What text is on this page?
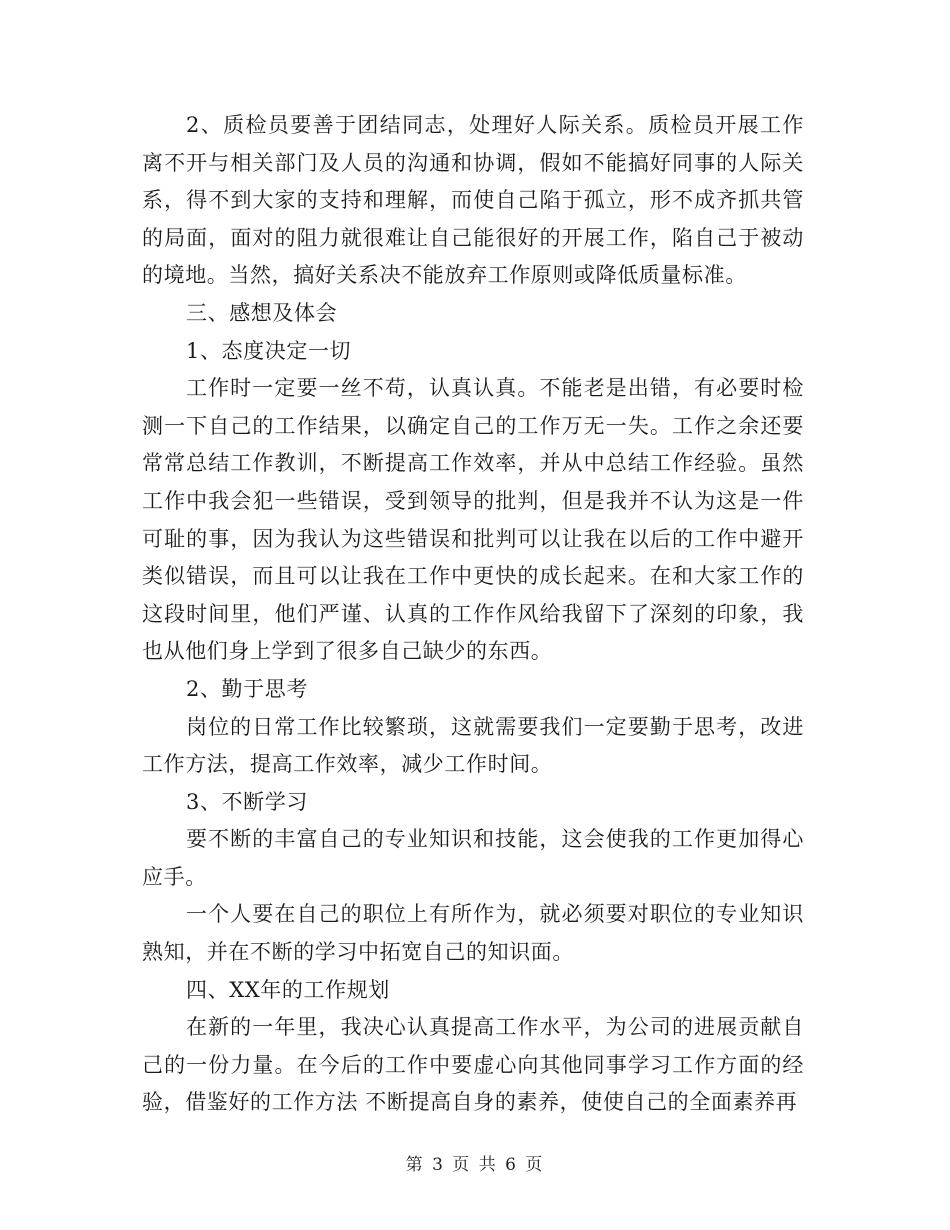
2、质检员要善于团结同志，处理好人际关系。质检员开展工作离不开与相关部门及人员的沟通和协调，假如不能搞好同事的人际关系，得不到大家的支持和理解，而使自己陷于孤立，形不成齐抓共管的局面，面对的阻力就很难让自己能很好的开展工作，陷自己于被动的境地。当然，搞好关系决不能放弃工作原则或降低质量标准。

三、感想及体会

1、态度决定一切

工作时一定要一丝不苟，认真认真。不能老是出错，有必要时检测一下自己的工作结果，以确定自己的工作万无一失。工作之余还要常常总结工作教训，不断提高工作效率，并从中总结工作经验。虽然工作中我会犯一些错误，受到领导的批判，但是我并不认为这是一件可耻的事，因为我认为这些错误和批判可以让我在以后的工作中避开类似错误，而且可以让我在工作中更快的成长起来。在和大家工作的这段时间里，他们严谨、认真的工作作风给我留下了深刻的印象，我也从他们身上学到了很多自己缺少的东西。

2、勤于思考

岗位的日常工作比较繁琐，这就需要我们一定要勤于思考，改进工作方法，提高工作效率，减少工作时间。

3、不断学习

要不断的丰富自己的专业知识和技能，这会使我的工作更加得心应手。

一个人要在自己的职位上有所作为，就必须要对职位的专业知识熟知，并在不断的学习中拓宽自己的知识面。

四、XX年的工作规划

在新的一年里，我决心认真提高工作水平，为公司的进展贡献自己的一份力量。在今后的工作中要虚心向其他同事学习工作方面的经验，借鉴好的工作方法 不断提高自身的素养，使使自己的全面素养再

第 3 页 共 6 页
